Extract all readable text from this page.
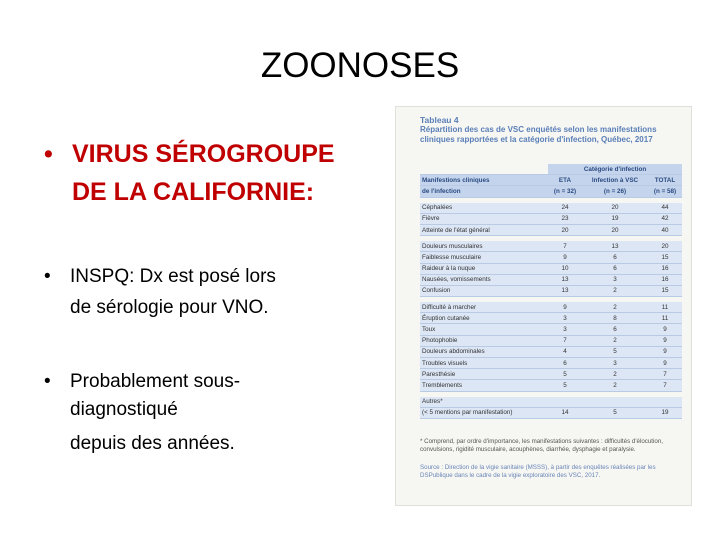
ZOONOSES
• VIRUS SÉROGROUPE
DE LA CALIFORNIE:
• INSPQ: Dx est posé lors
de sérologie pour VNO.
• Probablement sous-
diagnostiqué
depuis des années.
Tableau 4
Répartition des cas de VSC enquêtés selon les manifestations cliniques rapportées et la catégorie d'infection, Québec, 2017
	Catégorie d'infection		
Manifestions cliniques	ETA	Infection à VSC	TOTAL
de l'infection	(n = 32)	(n = 26)	(n = 58)

Céphalées	24	20	44
Fièvre	23	19	42
Atteinte de l'état général	20	20	40

Douleurs musculaires	7	13	20
Faiblesse musculaire	9	6	15
Raideur à la nuque	10	6	16
Nausées, vomissements	13	3	16
Confusion	13	2	15

Difficulté à marcher	9	2	11
Éruption cutanée	3	8	11
Toux	3	6	9
Photophobie	7	2	9
Douleurs abdominales	4	5	9
Troubles visuels	6	3	9
Paresthésie	5	2	7
Tremblements	5	2	7

Autres*			
(< 5 mentions par manifestation)	14	5	19
* Comprend, par ordre d'importance, les manifestations suivantes : difficultés d'élocution, convulsions, rigidité musculaire, acouphènes, diarrhée, dysphagie et paralysie.
Source : Direction de la vigie sanitaire (MSSS), à partir des enquêtes réalisées par les DSPublique dans le cadre de la vigie exploratoire des VSC, 2017.
